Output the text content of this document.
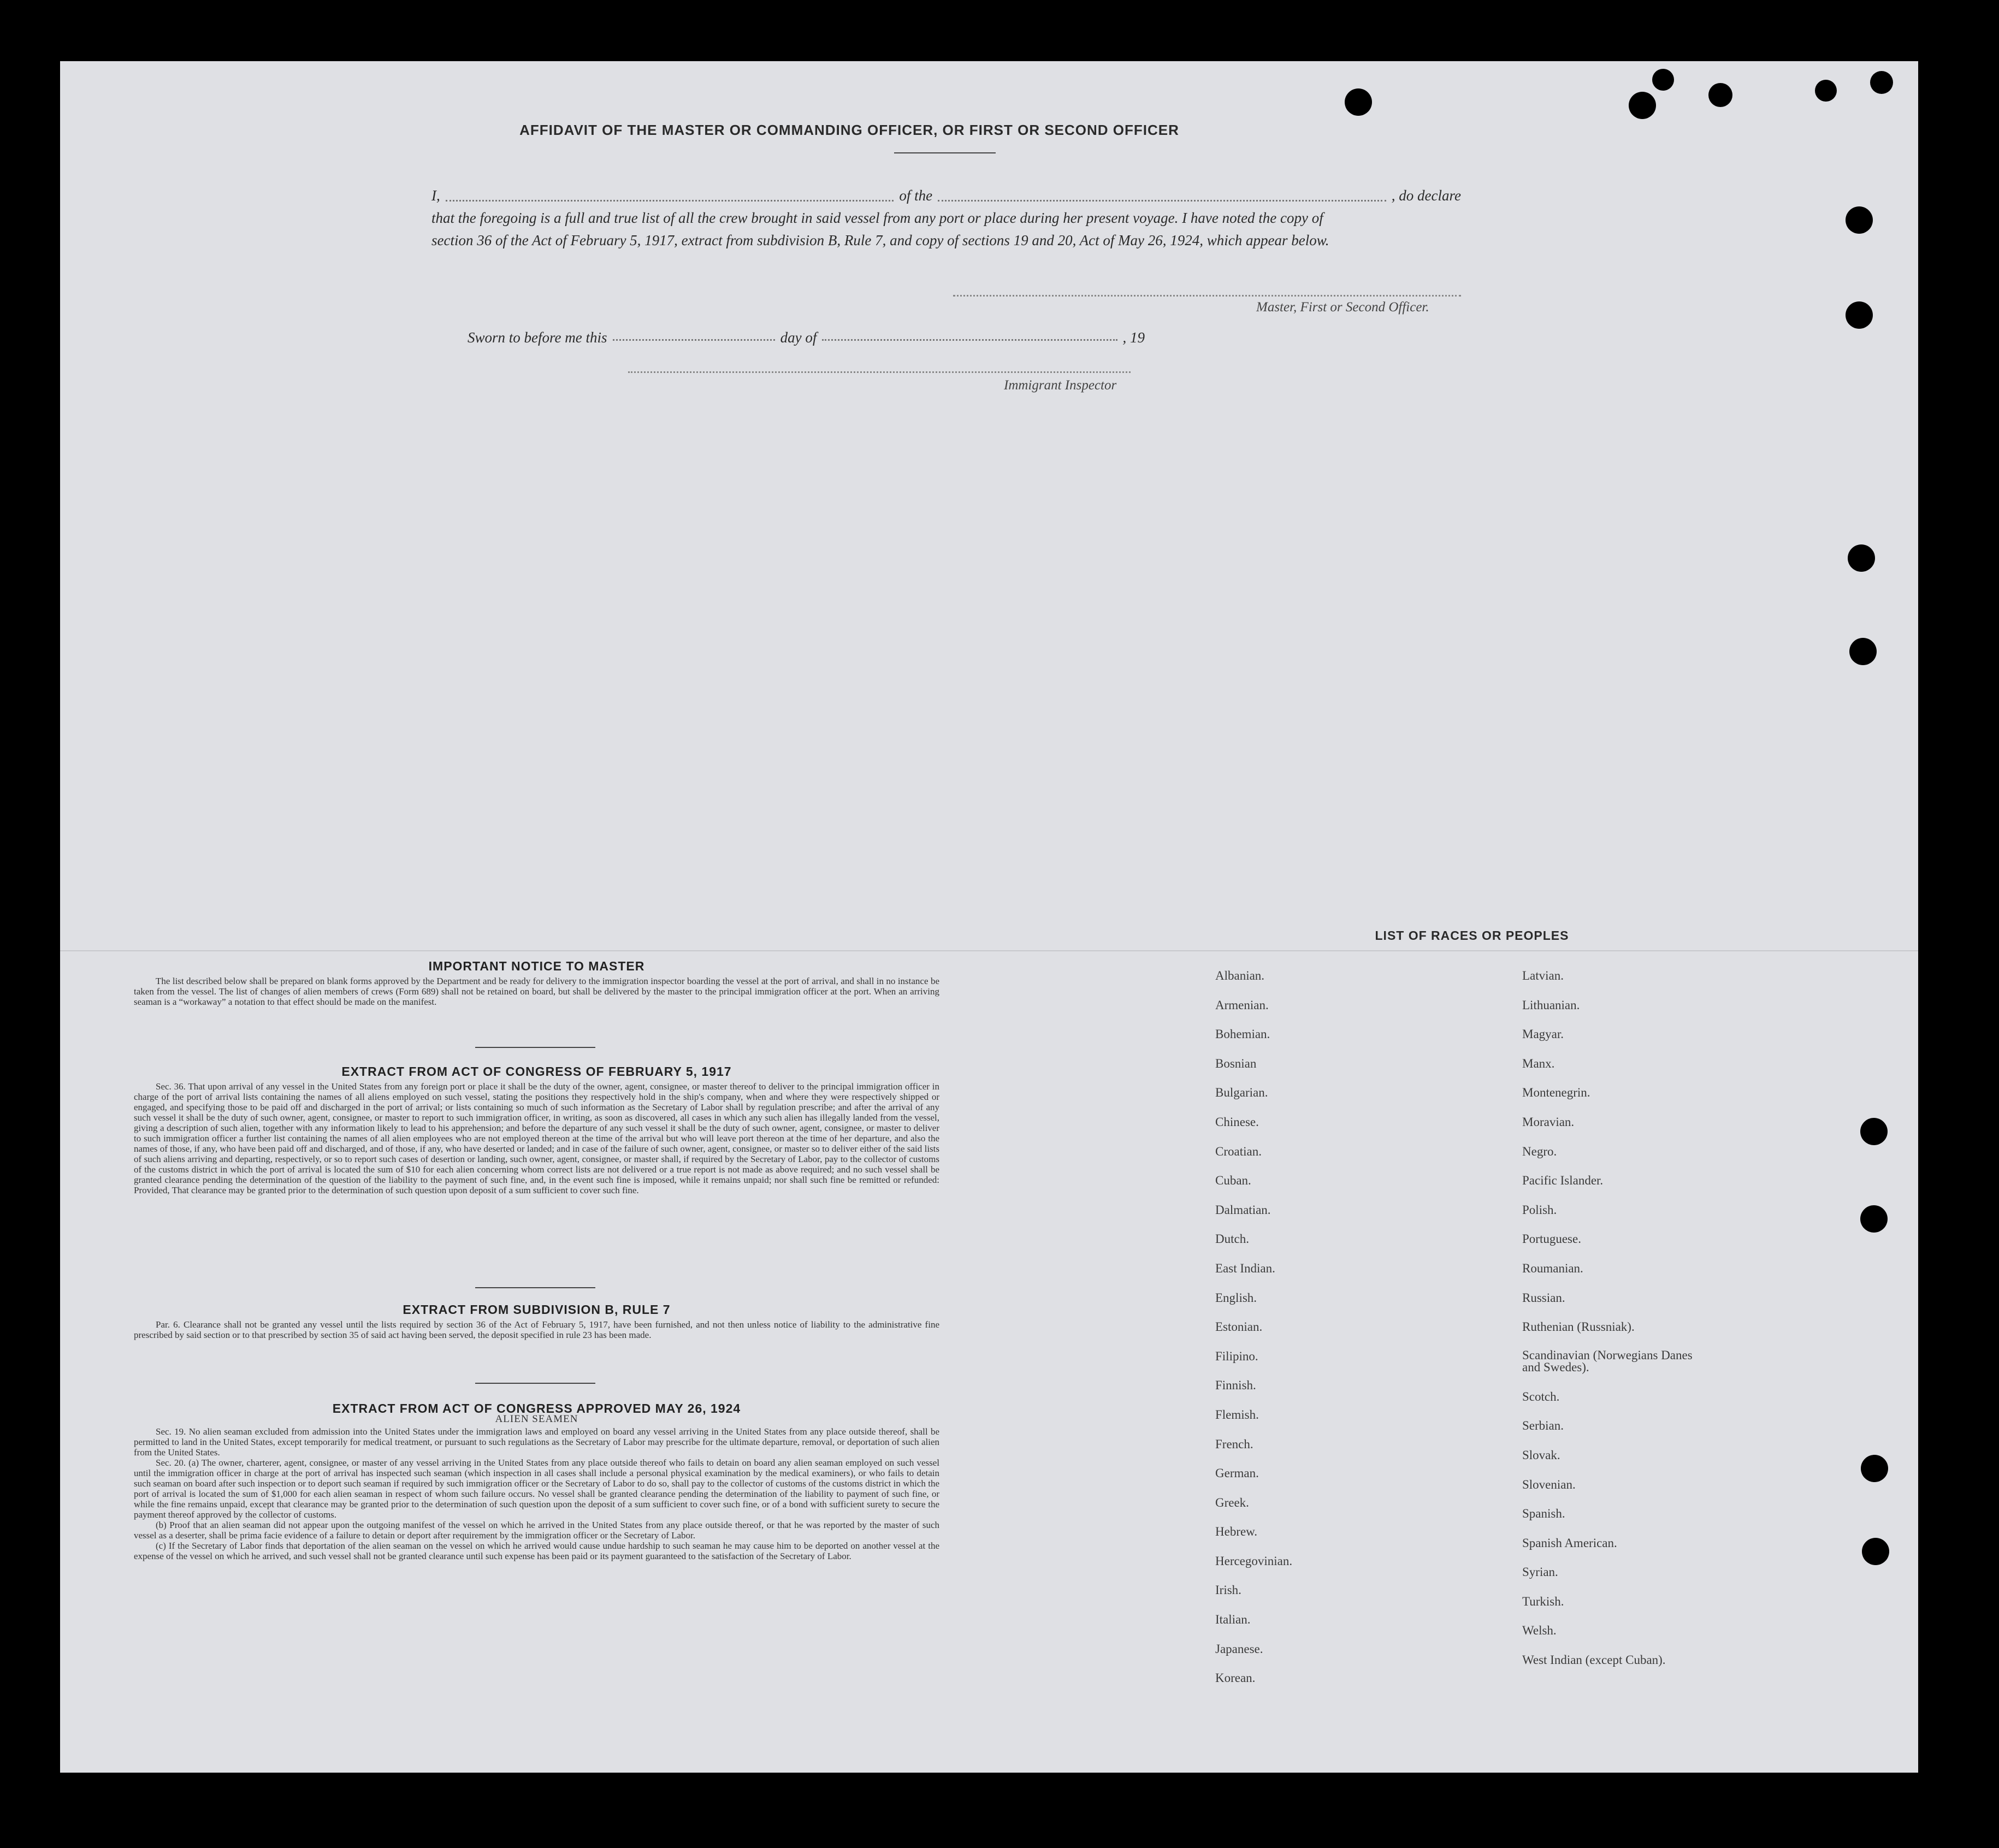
AFFIDAVIT OF THE MASTER OR COMMANDING OFFICER, OR FIRST OR SECOND OFFICER
I,	of the	, do declare
that the foregoing is a full and true list of all the crew brought in said vessel from any port or place during her present voyage. I have noted the copy of
section 36 of the Act of February 5, 1917, extract from subdivision B, Rule 7, and copy of sections 19 and 20, Act of May 26, 1924, which appear below.
Master, First or Second Officer.
Sworn to before me this	day of	, 19
Immigrant Inspector
IMPORTANT NOTICE TO MASTER

The list described below shall be prepared on blank forms approved by the Department and be ready for delivery to the immigration inspector boarding the vessel at the port of arrival, and shall in no instance be taken from the vessel. The list of changes of alien members of crews (Form 689) shall not be retained on board, but shall be delivered by the master to the principal immigration officer at the port. When an arriving seaman is a “workaway” a notation to that effect should be made on the manifest.

EXTRACT FROM ACT OF CONGRESS OF FEBRUARY 5, 1917

Sec. 36. That upon arrival of any vessel in the United States from any foreign port or place it shall be the duty of the owner, agent, consignee, or master thereof to deliver to the principal immigration officer in charge of the port of arrival lists containing the names of all aliens employed on such vessel, stating the positions they respectively hold in the ship's company, when and where they were respectively shipped or engaged, and specifying those to be paid off and discharged in the port of arrival; or lists containing so much of such information as the Secretary of Labor shall by regulation prescribe; and after the arrival of any such vessel it shall be the duty of such owner, agent, consignee, or master to report to such immigration officer, in writing, as soon as discovered, all cases in which any such alien has illegally landed from the vessel, giving a description of such alien, together with any information likely to lead to his apprehension; and before the departure of any such vessel it shall be the duty of such owner, agent, consignee, or master to deliver to such immigration officer a further list containing the names of all alien employees who are not employed thereon at the time of the arrival but who will leave port thereon at the time of her departure, and also the names of those, if any, who have been paid off and discharged, and of those, if any, who have deserted or landed; and in case of the failure of such owner, agent, consignee, or master so to deliver either of the said lists of such aliens arriving and departing, respectively, or so to report such cases of desertion or landing, such owner, agent, consignee, or master shall, if required by the Secretary of Labor, pay to the collector of customs of the customs district in which the port of arrival is located the sum of $10 for each alien concerning whom correct lists are not delivered or a true report is not made as above required; and no such vessel shall be granted clearance pending the determination of the question of the liability to the payment of such fine, and, in the event such fine is imposed, while it remains unpaid; nor shall such fine be remitted or refunded: Provided, That clearance may be granted prior to the determination of such question upon deposit of a sum sufficient to cover such fine.

EXTRACT FROM SUBDIVISION B, RULE 7

Par. 6. Clearance shall not be granted any vessel until the lists required by section 36 of the Act of February 5, 1917, have been furnished, and not then unless notice of liability to the administrative fine prescribed by said section or to that prescribed by section 35 of said act having been served, the deposit specified in rule 23 has been made.

EXTRACT FROM ACT OF CONGRESS APPROVED MAY 26, 1924
ALIEN SEAMEN

Sec. 19. No alien seaman excluded from admission into the United States under the immigration laws and employed on board any vessel arriving in the United States from any place outside thereof, shall be permitted to land in the United States, except temporarily for medical treatment, or pursuant to such regulations as the Secretary of Labor may prescribe for the ultimate departure, removal, or deportation of such alien from the United States.

Sec. 20. (a) The owner, charterer, agent, consignee, or master of any vessel arriving in the United States from any place outside thereof who fails to detain on board any alien seaman employed on such vessel until the immigration officer in charge at the port of arrival has inspected such seaman (which inspection in all cases shall include a personal physical examination by the medical examiners), or who fails to detain such seaman on board after such inspection or to deport such seaman if required by such immigration officer or the Secretary of Labor to do so, shall pay to the collector of customs of the customs district in which the port of arrival is located the sum of $1,000 for each alien seaman in respect of whom such failure occurs. No vessel shall be granted clearance pending the determination of the liability to payment of such fine, or while the fine remains unpaid, except that clearance may be granted prior to the determination of such question upon the deposit of a sum sufficient to cover such fine, or of a bond with sufficient surety to secure the payment thereof approved by the collector of customs.

(b) Proof that an alien seaman did not appear upon the outgoing manifest of the vessel on which he arrived in the United States from any place outside thereof, or that he was reported by the master of such vessel as a deserter, shall be prima facie evidence of a failure to detain or deport after requirement by the immigration officer or the Secretary of Labor.

(c) If the Secretary of Labor finds that deportation of the alien seaman on the vessel on which he arrived would cause undue hardship to such seaman he may cause him to be deported on another vessel at the expense of the vessel on which he arrived, and such vessel shall not be granted clearance until such expense has been paid or its payment guaranteed to the satisfaction of the Secretary of Labor.

LIST OF RACES OR PEOPLES
Albanian.
Armenian.
Bohemian.
Bosnian
Bulgarian.
Chinese.
Croatian.
Cuban.
Dalmatian.
Dutch.
East Indian.
English.
Estonian.
Filipino.
Finnish.
Flemish.
French.
German.
Greek.
Hebrew.
Hercegovinian.
Irish.
Italian.
Japanese.
Korean.
Latvian.
Lithuanian.
Magyar.
Manx.
Montenegrin.
Moravian.
Negro.
Pacific Islander.
Polish.
Portuguese.
Roumanian.
Russian.
Ruthenian (Russniak).
Scandinavian (Norwegians Danes and Swedes).
Scotch.
Serbian.
Slovak.
Slovenian.
Spanish.
Spanish American.
Syrian.
Turkish.
Welsh.
West Indian (except Cuban).
